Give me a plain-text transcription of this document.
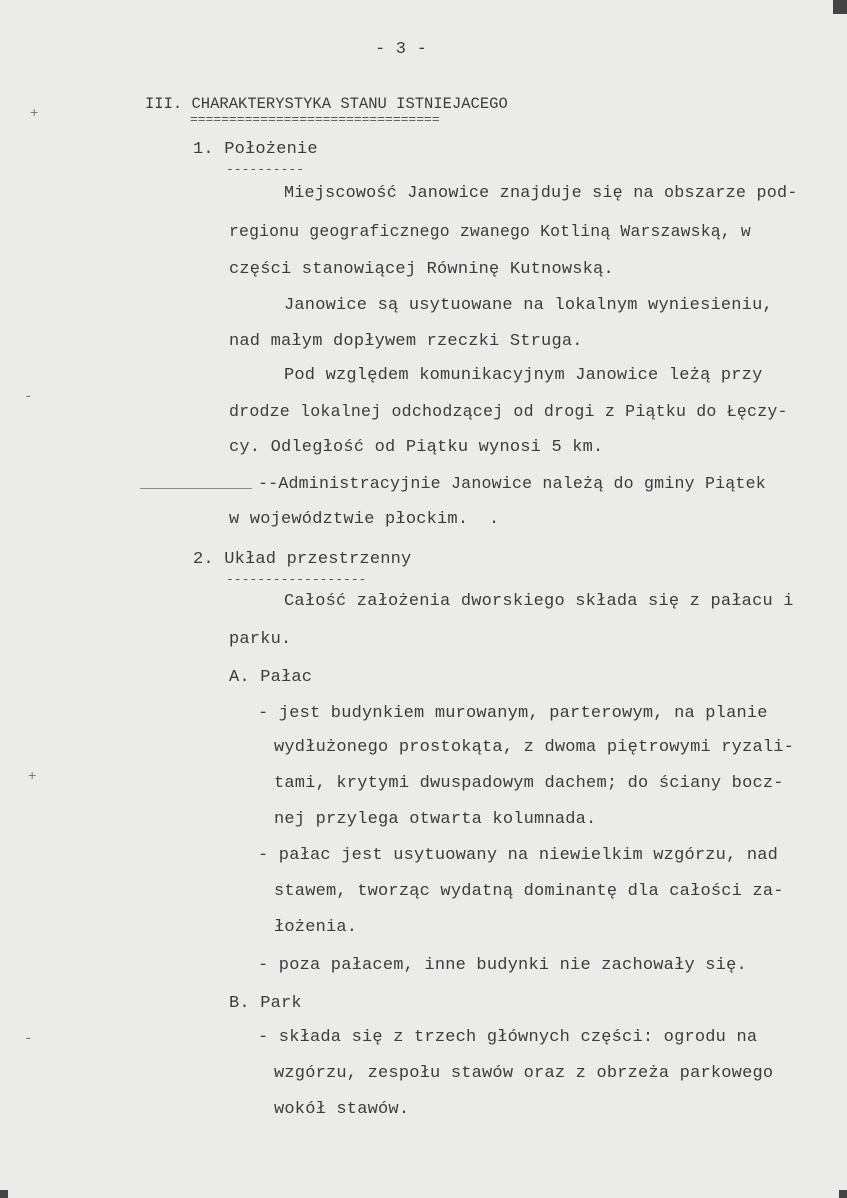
+
-
+
-
- 3 -
III. CHARAKTERYSTYKA STANU ISTNIEJACEGO
================================
1. Położenie
----------
Miejscowość Janowice znajduje się na obszarze pod-
regionu geograficznego zwanego Kotliną Warszawską, w
części stanowiącej Równinę Kutnowską.
Janowice są usytuowane na lokalnym wyniesieniu,
nad małym dopływem rzeczki Struga.
Pod względem komunikacyjnym Janowice leżą przy
drodze lokalnej odchodzącej od drogi z Piątku do Łęczy-
cy. Odległość od Piątku wynosi 5 km.
--Administracyjnie Janowice należą do gminy Piątek
w województwie płockim.  .
2. Układ przestrzenny
------------------
Całość założenia dworskiego składa się z pałacu i
parku.
A. Pałac
- jest budynkiem murowanym, parterowym, na planie
wydłużonego prostokąta, z dwoma piętrowymi ryzali-
tami, krytymi dwuspadowym dachem; do ściany bocz-
nej przylega otwarta kolumnada.
- pałac jest usytuowany na niewielkim wzgórzu, nad
stawem, tworząc wydatną dominantę dla całości za-
łożenia.
- poza pałacem, inne budynki nie zachowały się.
B. Park
- składa się z trzech głównych części: ogrodu na
wzgórzu, zespołu stawów oraz z obrzeża parkowego
wokół stawów.
